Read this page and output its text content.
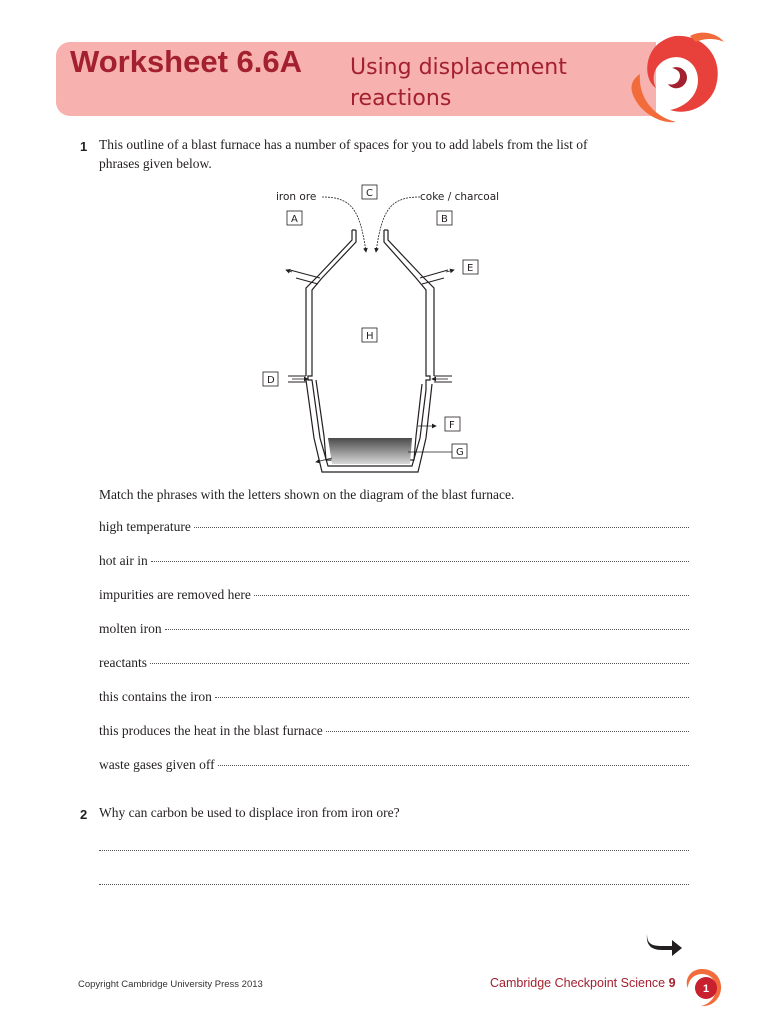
Worksheet 6.6A Using displacement
reactions
1 This outline of a blast furnace has a number of spaces for you to add labels from the list of
phrases given below.
iron ore	coke / charcoal
A	B
C
D
E
F
G
H
Match the phrases with the letters shown on the diagram of the blast furnace.
high temperature
hot air in
impurities are removed here
molten iron
reactants
this contains the iron
this produces the heat in the blast furnace
waste gases given off
2 Why can carbon be used to displace iron from iron ore?
Copyright Cambridge University Press 2013	Cambridge Checkpoint Science 9 1
